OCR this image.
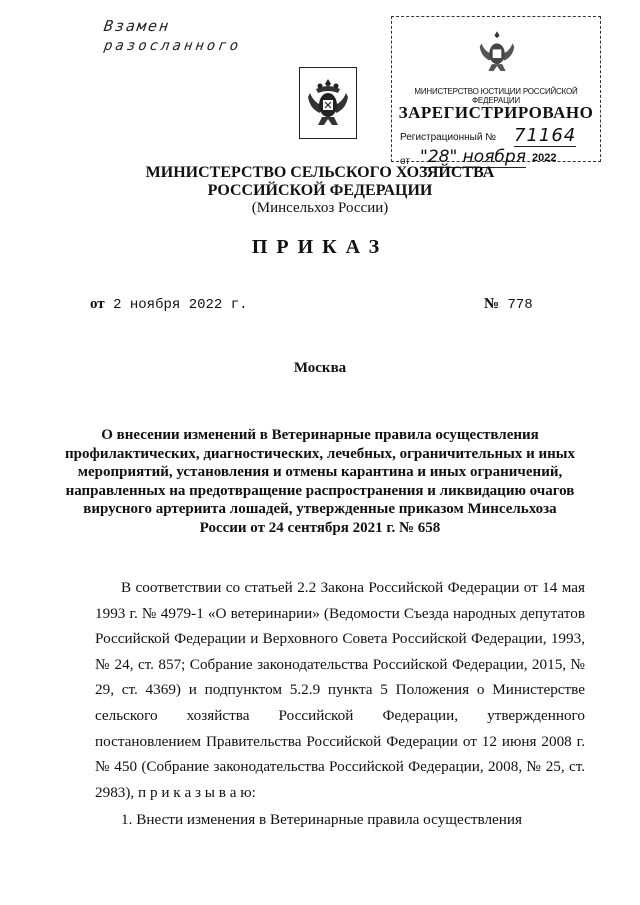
Взамен
разосланного
МИНИСТЕРСТВО ЮСТИЦИИ РОССИЙСКОЙ ФЕДЕРАЦИИ
ЗАРЕГИСТРИРОВАНО
Регистрационный № 71164
от "28" ноября 2022
МИНИСТЕРСТВО СЕЛЬСКОГО ХОЗЯЙСТВА
РОССИЙСКОЙ ФЕДЕРАЦИИ
(Минсельхоз России)
ПРИКАЗ
от 2 ноября 2022 г.	№ 778
Москва
О внесении изменений в Ветеринарные правила осуществления профилактических, диагностических, лечебных, ограничительных и иных мероприятий, установления и отмены карантина и иных ограничений, направленных на предотвращение распространения и ликвидацию очагов вирусного артериита лошадей, утвержденные приказом Минсельхоза России от 24 сентября 2021 г. № 658

В соответствии со статьей 2.2 Закона Российской Федерации от 14 мая 1993 г. № 4979-1 «О ветеринарии» (Ведомости Съезда народных депутатов Российской Федерации и Верховного Совета Российской Федерации, 1993, № 24, ст. 857; Собрание законодательства Российской Федерации, 2015, № 29, ст. 4369) и подпунктом 5.2.9 пункта 5 Положения о Министерстве сельского хозяйства Российской Федерации, утвержденного постановлением Правительства Российской Федерации от 12 июня 2008 г. № 450 (Собрание законодательства Российской Федерации, 2008, № 25, ст. 2983), п р и к а з ы в а ю:

1. Внести изменения в Ветеринарные правила осуществления
